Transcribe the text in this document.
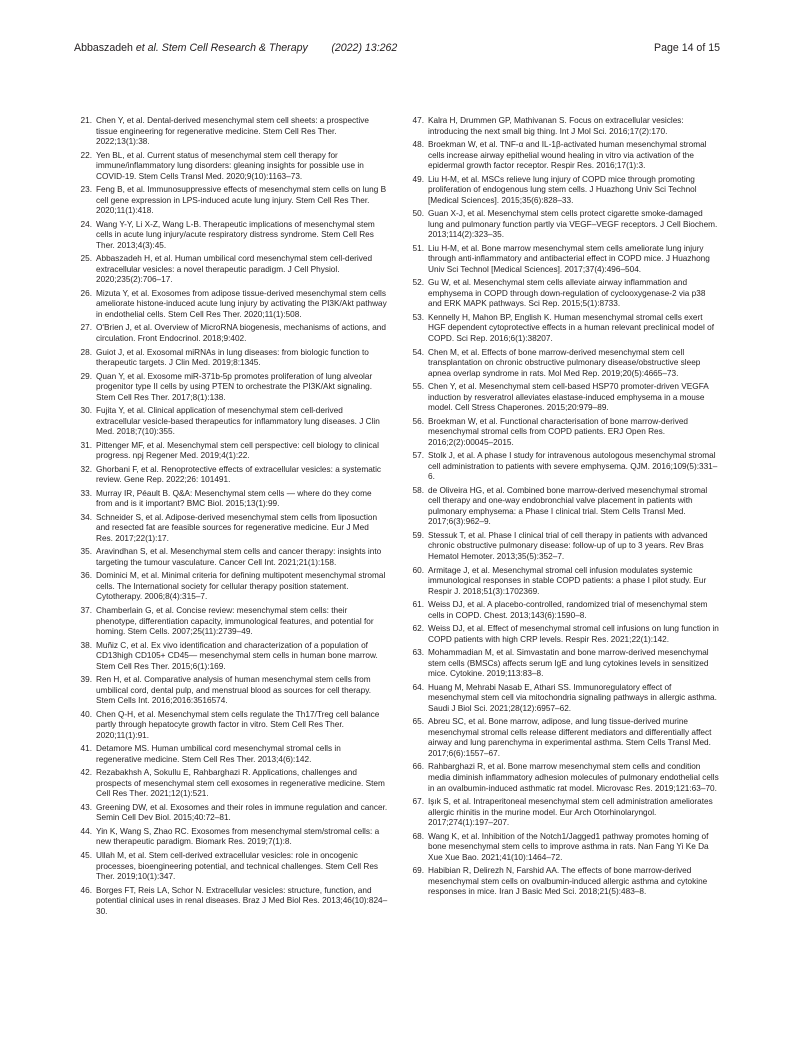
Abbaszadeh et al. Stem Cell Research & Therapy (2022) 13:262	Page 14 of 15
21 . Chen Y, et al. Dental-derived mesenchymal stem cell sheets: a prospective tissue engineering for regenerative medicine. Stem Cell Res Ther. 2022;13(1):38.
22 . Yen BL, et al. Current status of mesenchymal stem cell therapy for immune/inflammatory lung disorders: gleaning insights for possible use in COVID-19. Stem Cells Transl Med. 2020;9(10):1163–73.
23 . Feng B, et al. Immunosuppressive effects of mesenchymal stem cells on lung B cell gene expression in LPS-induced acute lung injury. Stem Cell Res Ther. 2020;11(1):418.
24 . Wang Y-Y, Li X-Z, Wang L-B. Therapeutic implications of mesenchymal stem cells in acute lung injury/acute respiratory distress syndrome. Stem Cell Res Ther. 2013;4(3):45.
25 . Abbaszadeh H, et al. Human umbilical cord mesenchymal stem cell-derived extracellular vesicles: a novel therapeutic paradigm. J Cell Physiol. 2020;235(2):706–17.
26 . Mizuta Y, et al. Exosomes from adipose tissue-derived mesenchymal stem cells ameliorate histone-induced acute lung injury by activating the PI3K/Akt pathway in endothelial cells. Stem Cell Res Ther. 2020;11(1):508.
27 . O'Brien J, et al. Overview of MicroRNA biogenesis, mechanisms of actions, and circulation. Front Endocrinol. 2018;9:402.
28 . Guiot J, et al. Exosomal miRNAs in lung diseases: from biologic function to therapeutic targets. J Clin Med. 2019;8:1345.
29 . Quan Y, et al. Exosome miR-371b-5p promotes proliferation of lung alveolar progenitor type II cells by using PTEN to orchestrate the PI3K/Akt signaling. Stem Cell Res Ther. 2017;8(1):138.
30 . Fujita Y, et al. Clinical application of mesenchymal stem cell-derived extracellular vesicle-based therapeutics for inflammatory lung diseases. J Clin Med. 2018;7(10):355.
31 . Pittenger MF, et al. Mesenchymal stem cell perspective: cell biology to clinical progress. npj Regener Med. 2019;4(1):22.
32 . Ghorbani F, et al. Renoprotective effects of extracellular vesicles: a systematic review. Gene Rep. 2022;26: 101491.
33 . Murray IR, Péault B. Q&A: Mesenchymal stem cells — where do they come from and is it important? BMC Biol. 2015;13(1):99.
34 . Schneider S, et al. Adipose-derived mesenchymal stem cells from liposuction and resected fat are feasible sources for regenerative medicine. Eur J Med Res. 2017;22(1):17.
35 . Aravindhan S, et al. Mesenchymal stem cells and cancer therapy: insights into targeting the tumour vasculature. Cancer Cell Int. 2021;21(1):158.
36 . Dominici M, et al. Minimal criteria for defining multipotent mesenchymal stromal cells. The International society for cellular therapy position statement. Cytotherapy. 2006;8(4):315–7.
37 . Chamberlain G, et al. Concise review: mesenchymal stem cells: their phenotype, differentiation capacity, immunological features, and potential for homing. Stem Cells. 2007;25(11):2739–49.
38 . Muñiz C, et al. Ex vivo identification and characterization of a population of CD13high CD105+ CD45— mesenchymal stem cells in human bone marrow. Stem Cell Res Ther. 2015;6(1):169.
39 . Ren H, et al. Comparative analysis of human mesenchymal stem cells from umbilical cord, dental pulp, and menstrual blood as sources for cell therapy. Stem Cells Int. 2016;2016:3516574.
40 . Chen Q-H, et al. Mesenchymal stem cells regulate the Th17/Treg cell balance partly through hepatocyte growth factor in vitro. Stem Cell Res Ther. 2020;11(1):91.
41 . Detamore MS. Human umbilical cord mesenchymal stromal cells in regenerative medicine. Stem Cell Res Ther. 2013;4(6):142.
42 . Rezabakhsh A, Sokullu E, Rahbarghazi R. Applications, challenges and prospects of mesenchymal stem cell exosomes in regenerative medicine. Stem Cell Res Ther. 2021;12(1):521.
43 . Greening DW, et al. Exosomes and their roles in immune regulation and cancer. Semin Cell Dev Biol. 2015;40:72–81.
44 . Yin K, Wang S, Zhao RC. Exosomes from mesenchymal stem/stromal cells: a new therapeutic paradigm. Biomark Res. 2019;7(1):8.
45 . Ullah M, et al. Stem cell-derived extracellular vesicles: role in oncogenic processes, bioengineering potential, and technical challenges. Stem Cell Res Ther. 2019;10(1):347.
46 . Borges FT, Reis LA, Schor N. Extracellular vesicles: structure, function, and potential clinical uses in renal diseases. Braz J Med Biol Res. 2013;46(10):824–30.
47 . Kalra H, Drummen GP, Mathivanan S. Focus on extracellular vesicles: introducing the next small big thing. Int J Mol Sci. 2016;17(2):170.
48 . Broekman W, et al. TNF-α and IL-1β-activated human mesenchymal stromal cells increase airway epithelial wound healing in vitro via activation of the epidermal growth factor receptor. Respir Res. 2016;17(1):3.
49 . Liu H-M, et al. MSCs relieve lung injury of COPD mice through promoting proliferation of endogenous lung stem cells. J Huazhong Univ Sci Technol [Medical Sciences]. 2015;35(6):828–33.
50 . Guan X-J, et al. Mesenchymal stem cells protect cigarette smoke-damaged lung and pulmonary function partly via VEGF–VEGF receptors. J Cell Biochem. 2013;114(2):323–35.
51 . Liu H-M, et al. Bone marrow mesenchymal stem cells ameliorate lung injury through anti-inflammatory and antibacterial effect in COPD mice. J Huazhong Univ Sci Technol [Medical Sciences]. 2017;37(4):496–504.
52 . Gu W, et al. Mesenchymal stem cells alleviate airway inflammation and emphysema in COPD through down-regulation of cyclooxygenase-2 via p38 and ERK MAPK pathways. Sci Rep. 2015;5(1):8733.
53 . Kennelly H, Mahon BP, English K. Human mesenchymal stromal cells exert HGF dependent cytoprotective effects in a human relevant preclinical model of COPD. Sci Rep. 2016;6(1):38207.
54 . Chen M, et al. Effects of bone marrow-derived mesenchymal stem cell transplantation on chronic obstructive pulmonary disease/obstructive sleep apnea overlap syndrome in rats. Mol Med Rep. 2019;20(5):4665–73.
55 . Chen Y, et al. Mesenchymal stem cell-based HSP70 promoter-driven VEGFA induction by resveratrol alleviates elastase-induced emphysema in a mouse model. Cell Stress Chaperones. 2015;20:979–89.
56 . Broekman W, et al. Functional characterisation of bone marrow-derived mesenchymal stromal cells from COPD patients. ERJ Open Res. 2016;2(2):00045–2015.
57 . Stolk J, et al. A phase I study for intravenous autologous mesenchymal stromal cell administration to patients with severe emphysema. QJM. 2016;109(5):331–6.
58 . de Oliveira HG, et al. Combined bone marrow-derived mesenchymal stromal cell therapy and one-way endobronchial valve placement in patients with pulmonary emphysema: a Phase I clinical trial. Stem Cells Transl Med. 2017;6(3):962–9.
59 . Stessuk T, et al. Phase I clinical trial of cell therapy in patients with advanced chronic obstructive pulmonary disease: follow-up of up to 3 years. Rev Bras Hematol Hemoter. 2013;35(5):352–7.
60 . Armitage J, et al. Mesenchymal stromal cell infusion modulates systemic immunological responses in stable COPD patients: a phase I pilot study. Eur Respir J. 2018;51(3):1702369.
61 . Weiss DJ, et al. A placebo-controlled, randomized trial of mesenchymal stem cells in COPD. Chest. 2013;143(6):1590–8.
62 . Weiss DJ, et al. Effect of mesenchymal stromal cell infusions on lung function in COPD patients with high CRP levels. Respir Res. 2021;22(1):142.
63 . Mohammadian M, et al. Simvastatin and bone marrow-derived mesenchymal stem cells (BMSCs) affects serum IgE and lung cytokines levels in sensitized mice. Cytokine. 2019;113:83–8.
64 . Huang M, Mehrabi Nasab E, Athari SS. Immunoregulatory effect of mesenchymal stem cell via mitochondria signaling pathways in allergic asthma. Saudi J Biol Sci. 2021;28(12):6957–62.
65 . Abreu SC, et al. Bone marrow, adipose, and lung tissue-derived murine mesenchymal stromal cells release different mediators and differentially affect airway and lung parenchyma in experimental asthma. Stem Cells Transl Med. 2017;6(6):1557–67.
66 . Rahbarghazi R, et al. Bone marrow mesenchymal stem cells and condition media diminish inflammatory adhesion molecules of pulmonary endothelial cells in an ovalbumin-induced asthmatic rat model. Microvasc Res. 2019;121:63–70.
67 . Işık S, et al. Intraperitoneal mesenchymal stem cell administration ameliorates allergic rhinitis in the murine model. Eur Arch Otorhinolaryngol. 2017;274(1):197–207.
68 . Wang K, et al. Inhibition of the Notch1/Jagged1 pathway promotes homing of bone mesenchymal stem cells to improve asthma in rats. Nan Fang Yi Ke Da Xue Xue Bao. 2021;41(10):1464–72.
69 . Habibian R, Delirezh N, Farshid AA. The effects of bone marrow-derived mesenchymal stem cells on ovalbumin-induced allergic asthma and cytokine responses in mice. Iran J Basic Med Sci. 2018;21(5):483–8.
